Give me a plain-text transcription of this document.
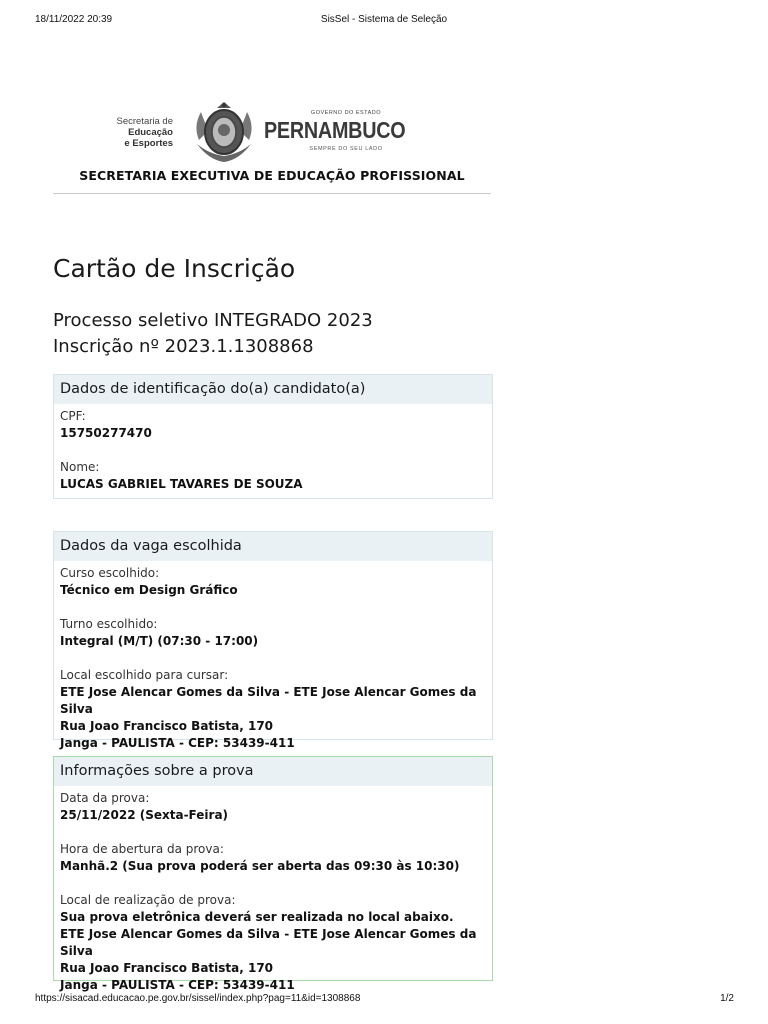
18/11/2022 20:39	SisSel - Sistema de Seleção
Secretaria de
Educação
e Esportes
GOVERNO DO ESTADO
PERNAMBUCO
SEMPRE DO SEU LADO
SECRETARIA EXECUTIVA DE EDUCAÇÃO PROFISSIONAL
Cartão de Inscrição
Processo seletivo INTEGRADO 2023
Inscrição nº 2023.1.1308868
Dados de identificação do(a) candidato(a)
CPF:
15750277470
Nome:
LUCAS GABRIEL TAVARES DE SOUZA
Dados da vaga escolhida
Curso escolhido:
Técnico em Design Gráfico
Turno escolhido:
Integral (M/T) (07:30 - 17:00)
Local escolhido para cursar:
ETE Jose Alencar Gomes da Silva - ETE Jose Alencar Gomes da Silva
Rua Joao Francisco Batista, 170
Janga - PAULISTA - CEP: 53439-411
Informações sobre a prova
Data da prova:
25/11/2022 (Sexta-Feira)
Hora de abertura da prova:
Manhã.2 (Sua prova poderá ser aberta das 09:30 às 10:30)
Local de realização de prova:
Sua prova eletrônica deverá ser realizada no local abaixo.
ETE Jose Alencar Gomes da Silva - ETE Jose Alencar Gomes da Silva
Rua Joao Francisco Batista, 170
Janga - PAULISTA - CEP: 53439-411
https://sisacad.educacao.pe.gov.br/sissel/index.php?pag=11&id=1308868	1/2
